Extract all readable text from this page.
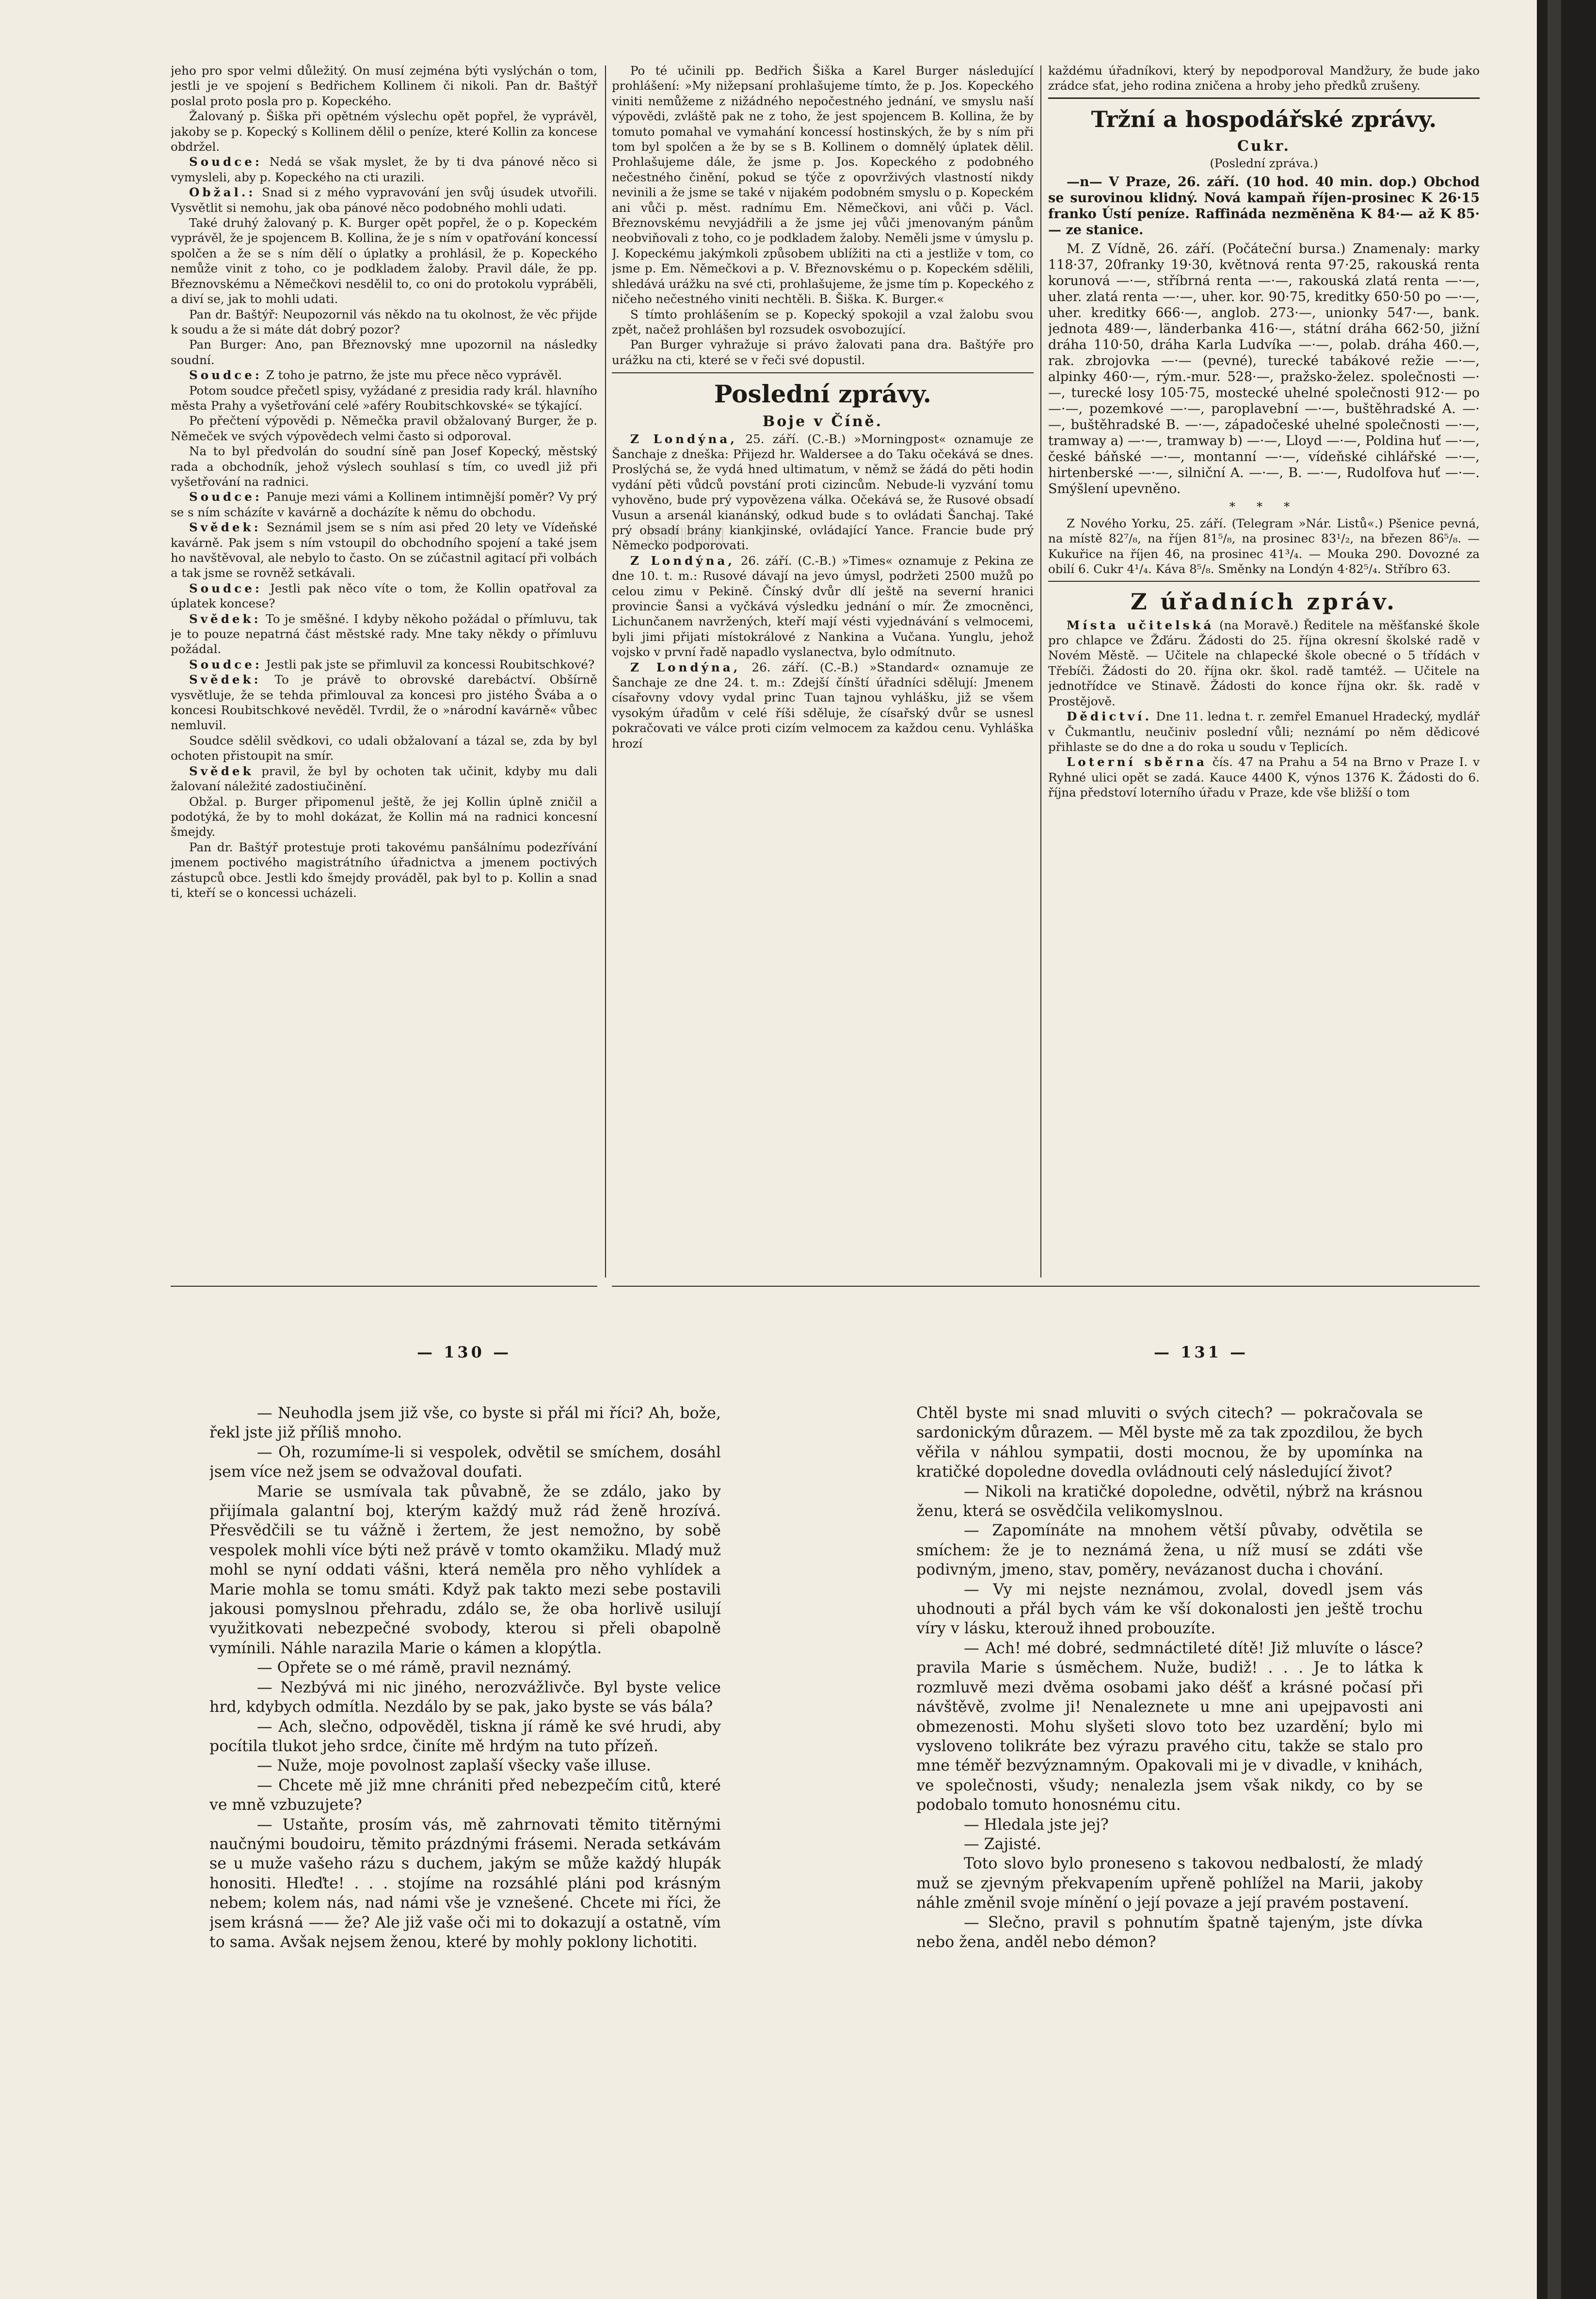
jeho pro spor velmi důležitý. On musí zejména býti vyslýchán o tom, jestli je ve spojení s Bedřichem Kollinem či nikoli. Pan dr. Baštýř poslal proto posla pro p. Kopeckého.

Žalovaný p. Šiška při opětném výslechu opět popřel, že vyprávěl, jakoby se p. Kopecký s Kollinem dělil o peníze, které Kollin za koncese obdržel.

Soudce: Nedá se však myslet, že by ti dva pánové něco si vymysleli, aby p. Kopeckého na cti urazili.

Obžal.: Snad si z mého vypravování jen svůj úsudek utvořili. Vysvětlit si nemohu, jak oba pánové něco podobného mohli udati.

Také druhý žalovaný p. K. Burger opět popřel, že o p. Kopeckém vyprávěl, že je spojencem B. Kollina, že je s ním v opatřování koncessí spolčen a že se s ním dělí o úplatky a prohlásil, že p. Kopeckého nemůže vinit z toho, co je podkladem žaloby. Pravil dále, že pp. Březnovskému a Němečkovi nesdělil to, co oni do protokolu vypráběli, a diví se, jak to mohli udati.

Pan dr. Baštýř: Neupozornil vás někdo na tu okolnost, že věc přijde k soudu a že si máte dát dobrý pozor?

Pan Burger: Ano, pan Březnovský mne upozornil na následky soudní.

Soudce: Z toho je patrno, že jste mu přece něco vyprávěl.

Potom soudce přečetl spisy, vyžádané z presidia rady král. hlavního města Prahy a vyšetřování celé »aféry Roubitschkovské« se týkající.

Po přečtení výpovědi p. Němečka pravil obžalovaný Burger, že p. Němeček ve svých výpovědech velmi často si odporoval.

Na to byl předvolán do soudní síně pan Josef Kopecký, městský rada a obchodník, jehož výslech souhlasí s tím, co uvedl již při vyšetřování na radnici.

Soudce: Panuje mezi vámi a Kollinem intimnější poměr? Vy prý se s ním scházíte v kavárně a docházíte k němu do obchodu.

Svědek: Seznámil jsem se s ním asi před 20 lety ve Vídeňské kavárně. Pak jsem s ním vstoupil do obchodního spojení a také jsem ho navštěvoval, ale nebylo to často. On se zúčastnil agitací při volbách a tak jsme se rovněž setkávali.

Soudce: Jestli pak něco víte o tom, že Kollin opatřoval za úplatek koncese?

Svědek: To je směšné. I kdyby někoho požádal o přímluvu, tak je to pouze nepatrná část městské rady. Mne taky někdy o přímluvu požádal.

Soudce: Jestli pak jste se přimluvil za koncessi Roubitschkové?

Svědek: To je právě to obrovské darebáctví. Obšírně vysvětluje, že se tehda přimlouval za koncesi pro jistého Švába a o koncesi Roubitschkové nevěděl. Tvrdil, že o »národní kavárně« vůbec nemluvil.

Soudce sdělil svědkovi, co udali obžalovaní a tázal se, zda by byl ochoten přistoupit na smír.

Svědek pravil, že byl by ochoten tak učinit, kdyby mu dali žalovaní náležité zadostiučinění.

Obžal. p. Burger připomenul ještě, že jej Kollin úplně zničil a podotýká, že by to mohl dokázat, že Kollin má na radnici koncesní šmejdy.

Pan dr. Baštýř protestuje proti takovému panšálnímu podezřívání jmenem poctivého magistrátního úřadnictva a jmenem poctivých zástupců obce. Jestli kdo šmejdy prováděl, pak byl to p. Kollin a snad ti, kteří se o koncessi ucházeli.

Po té učinili pp. Bedřich Šiška a Karel Burger následující prohlášení: »My nižepsaní prohlašujeme tímto, že p. Jos. Kopeckého viniti nemůžeme z nižádného nepočestného jednání, ve smyslu naší výpovědi, zvláště pak ne z toho, že jest spojencem B. Kollina, že by tomuto pomahal ve vymahání koncessí hostinských, že by s ním při tom byl spolčen a že by se s B. Kollinem o domnělý úplatek dělil. Prohlašujeme dále, že jsme p. Jos. Kopeckého z podobného nečestného činění, pokud se týče z opovrživých vlastností nikdy nevinili a že jsme se také v nijakém podobném smyslu o p. Kopeckém ani vůči p. měst. radnímu Em. Němečkovi, ani vůči p. Václ. Březnovskému nevyjádřili a že jsme jej vůči jmenovaným pánům neobviňovali z toho, co je podkladem žaloby. Neměli jsme v úmyslu p. J. Kopeckému jakýmkoli způsobem ublížiti na cti a jestliže v tom, co jsme p. Em. Němečkovi a p. V. Březnovskému o p. Kopeckém sdělili, shledává urážku na své cti, prohlašujeme, že jsme tím p. Kopeckého z ničeho nečestného viniti nechtěli. B. Šiška. K. Burger.«

S tímto prohlášením se p. Kopecký spokojil a vzal žalobu svou zpět, načež prohlášen byl rozsudek osvobozující.

Pan Burger vyhražuje si právo žalovati pana dra. Baštýře pro urážku na cti, které se v řeči své dopustil.

Poslední zprávy.
Boje v Číně.

Z Londýna, 25. září. (C.-B.) »Morningpost« oznamuje ze Šanchaje z dneška: Přijezd hr. Waldersee a do Taku očekává se dnes. Proslýchá se, že vydá hned ultimatum, v němž se žádá do pěti hodin vydání pěti vůdců povstání proti cizincům. Nebude-li vyzvání tomu vyhověno, bude prý vypovězena válka. Očekává se, že Rusové obsadí Vusun a arsenál kianánský, odkud bude s to ovládati Šanchaj. Také prý obsadí brány kiankjinské, ovládající Yance. Francie bude prý Německo podporovati.

Z Londýna, 26. září. (C.-B.) »Times« oznamuje z Pekina ze dne 10. t. m.: Rusové dávají na jevo úmysl, podržeti 2500 mužů po celou zimu v Pekině. Čínský dvůr dlí ještě na severní hranici provincie Šansi a vyčkává výsledku jednání o mír. Že zmocněnci, Lichunčanem navržených, kteří mají vésti vyjednávání s velmocemi, byli jimi přijati místokrálové z Nankina a Vučana. Yunglu, jehož vojsko v první řadě napadlo vyslanectva, bylo odmítnuto.

Z Londýna, 26. září. (C.-B.) »Standard« oznamuje ze Šanchaje ze dne 24. t. m.: Zdejší čínští úřadníci sdělují: Jmenem císařovny vdovy vydal princ Tuan tajnou vyhlášku, již se všem vysokým úřadům v celé říši sděluje, že císařský dvůr se usnesl pokračovati ve válce proti cizím velmocem za každou cenu. Vyhláška hrozí

každému úřadníkovi, který by nepodporoval Mandžury, že bude jako zrádce sťat, jeho rodina zničena a hroby jeho předků zrušeny.

Tržní a hospodářské zprávy.
Cukr.
(Poslední zpráva.)

—n— V Praze, 26. září. (10 hod. 40 min. dop.) Obchod se surovinou klidný. Nová kampaň říjen-prosinec K 26·15 franko Ústí peníze. Raffináda nezměněna K 84·— až K 85·— ze stanice.

M. Z Vídně, 26. září. (Počáteční bursa.) Znamenaly: marky 118·37, 20franky 19·30, květnová renta 97·25, rakouská renta korunová —·—, stříbrná renta —·—, rakouská zlatá renta —·—, uher. zlatá renta —·—, uher. kor. 90·75, kreditky 650·50 po —·—, uher. kreditky 666·—, anglob. 273·—, unionky 547·—, bank. jednota 489·—, länderbanka 416·—, státní dráha 662·50, jižní dráha 110·50, dráha Karla Ludvíka —·—, polab. dráha 460.—, rak. zbrojovka —·— (pevné), turecké tabákové režie —·—, alpinky 460·—, rým.-mur. 528·—, pražsko-želez. společnosti —·—, turecké losy 105·75, mostecké uhelné společnosti 912·— po —·—, pozemkové —·—, paroplavební —·—, buštěhradské A. —·—, buštěhradské B. —·—, západočeské uhelné společnosti —·—, tramway a) —·—, tramway b) —·—, Lloyd —·—, Poldina huť —·—, české báňské —·—, montanní —·—, vídeňské cihlářské —·—, hirtenberské —·—, silniční A. —·—, B. —·—, Rudolfova huť —·—. Smýšlení upevněno.

* * *

Z Nového Yorku, 25. září. (Telegram »Nár. Listů«.) Pšenice pevná, na místě 82⁷/₈, na říjen 81⁵/₈, na prosinec 83¹/₂, na březen 86⁵/₈. — Kukuřice na říjen 46, na prosinec 41³/₄. — Mouka 290. Dovozné za obilí 6. Cukr 4¹/₄. Káva 8⁵/₈. Směnky na Londýn 4·82⁵/₄. Stříbro 63.

Z úřadních zpráv.

Místa učitelská (na Moravě.) Ředitele na měšťanské škole pro chlapce ve Žďáru. Žádosti do 25. října okresní školské radě v Novém Městě. — Učitele na chlapecké škole obecné o 5 třídách v Třebíči. Žádosti do 20. října okr. škol. radě tamtéž. — Učitele na jednotřídce ve Stinavě. Žádosti do konce října okr. šk. radě v Prostějově.

Dědictví. Dne 11. ledna t. r. zemřel Emanuel Hradecký, mydlář v Čukmantlu, neučiniv poslední vůli; neznámí po něm dědicové přihlaste se do dne a do roka u soudu v Teplicích.

Loterní sběrna čís. 47 na Prahu a 54 na Brno v Praze I. v Ryhné ulici opět se zadá. Kauce 4400 K, výnos 1376 K. Žádosti do 6. října předstoví loterního úřadu v Praze, kde vše bližší o tom

— 130 —	— 131 —

— Neuhodla jsem již vše, co byste si přál mi říci? Ah, bože, řekl jste již příliš mnoho.

— Oh, rozumíme-li si vespolek, odvětil se smíchem, dosáhl jsem více než jsem se odvažoval doufati.

Marie se usmívala tak půvabně, že se zdálo, jako by přijímala galantní boj, kterým každý muž rád ženě hrozívá. Přesvědčili se tu vážně i žertem, že jest nemožno, by sobě vespolek mohli více býti než právě v tomto okamžiku. Mladý muž mohl se nyní oddati vášni, která neměla pro něho vyhlídek a Marie mohla se tomu smáti. Když pak takto mezi sebe postavili jakousi pomyslnou přehradu, zdálo se, že oba horlivě usilují využitkovati nebezpečné svobody, kterou si přeli obapolně vymínili. Náhle narazila Marie o kámen a klopýtla.

— Opřete se o mé rámě, pravil neznámý.

— Nezbývá mi nic jiného, nerozvážlivče. Byl byste velice hrd, kdybych odmítla. Nezdálo by se pak, jako byste se vás bála?

— Ach, slečno, odpověděl, tiskna jí rámě ke své hrudi, aby pocítila tlukot jeho srdce, činíte mě hrdým na tuto přízeň.

— Nuže, moje povolnost zaplaší všecky vaše illuse.

— Chcete mě již mne chrániti před nebezpečím citů, které ve mně vzbuzujete?

— Ustaňte, prosím vás, mě zahrnovati těmito titěrnými naučnými boudoiru, těmito prázdnými frásemi. Nerada setkávám se u muže vašeho rázu s duchem, jakým se může každý hlupák honositi. Hleďte! . . . stojíme na rozsáhlé pláni pod krásným nebem; kolem nás, nad námi vše je vznešené. Chcete mi říci, že jsem krásná —— že? Ale již vaše oči mi to dokazují a ostatně, vím to sama. Avšak nejsem ženou, které by mohly poklony lichotiti.

Chtěl byste mi snad mluviti o svých citech? — pokračovala se sardonickým důrazem. — Měl byste mě za tak zpozdilou, že bych věřila v náhlou sympatii, dosti mocnou, že by upomínka na kratičké dopoledne dovedla ovládnouti celý následující život?

— Nikoli na kratičké dopoledne, odvětil, nýbrž na krásnou ženu, která se osvědčila velikomyslnou.

— Zapomínáte na mnohem větší půvaby, odvětila se smíchem: že je to neznámá žena, u níž musí se zdáti vše podivným, jmeno, stav, poměry, nevázanost ducha i chování.

— Vy mi nejste neznámou, zvolal, dovedl jsem vás uhodnouti a přál bych vám ke vší dokonalosti jen ještě trochu víry v lásku, kterouž ihned probouzíte.

— Ach! mé dobré, sedmnáctileté dítě! Již mluvíte o lásce? pravila Marie s úsměchem. Nuže, budiž! . . . Je to látka k rozmluvě mezi dvěma osobami jako déšť a krásné počasí při návštěvě, zvolme ji! Nenaleznete u mne ani upejpavosti ani obmezenosti. Mohu slyšeti slovo toto bez uzardění; bylo mi vysloveno tolikráte bez výrazu pravého citu, takže se stalo pro mne téměř bezvýznamným. Opakovali mi je v divadle, v knihách, ve společnosti, všudy; nenalezla jsem však nikdy, co by se podobalo tomuto honosnému citu.

— Hledala jste jej?

— Zajisté.

Toto slovo bylo proneseno s takovou nedbalostí, že mladý muž se zjevným překvapením upřeně pohlížel na Marii, jakoby náhle změnil svoje mínění o její povaze a její pravém postavení.

— Slečno, pravil s pohnutím špatně tajeným, jste dívka nebo žena, anděl nebo démon?
